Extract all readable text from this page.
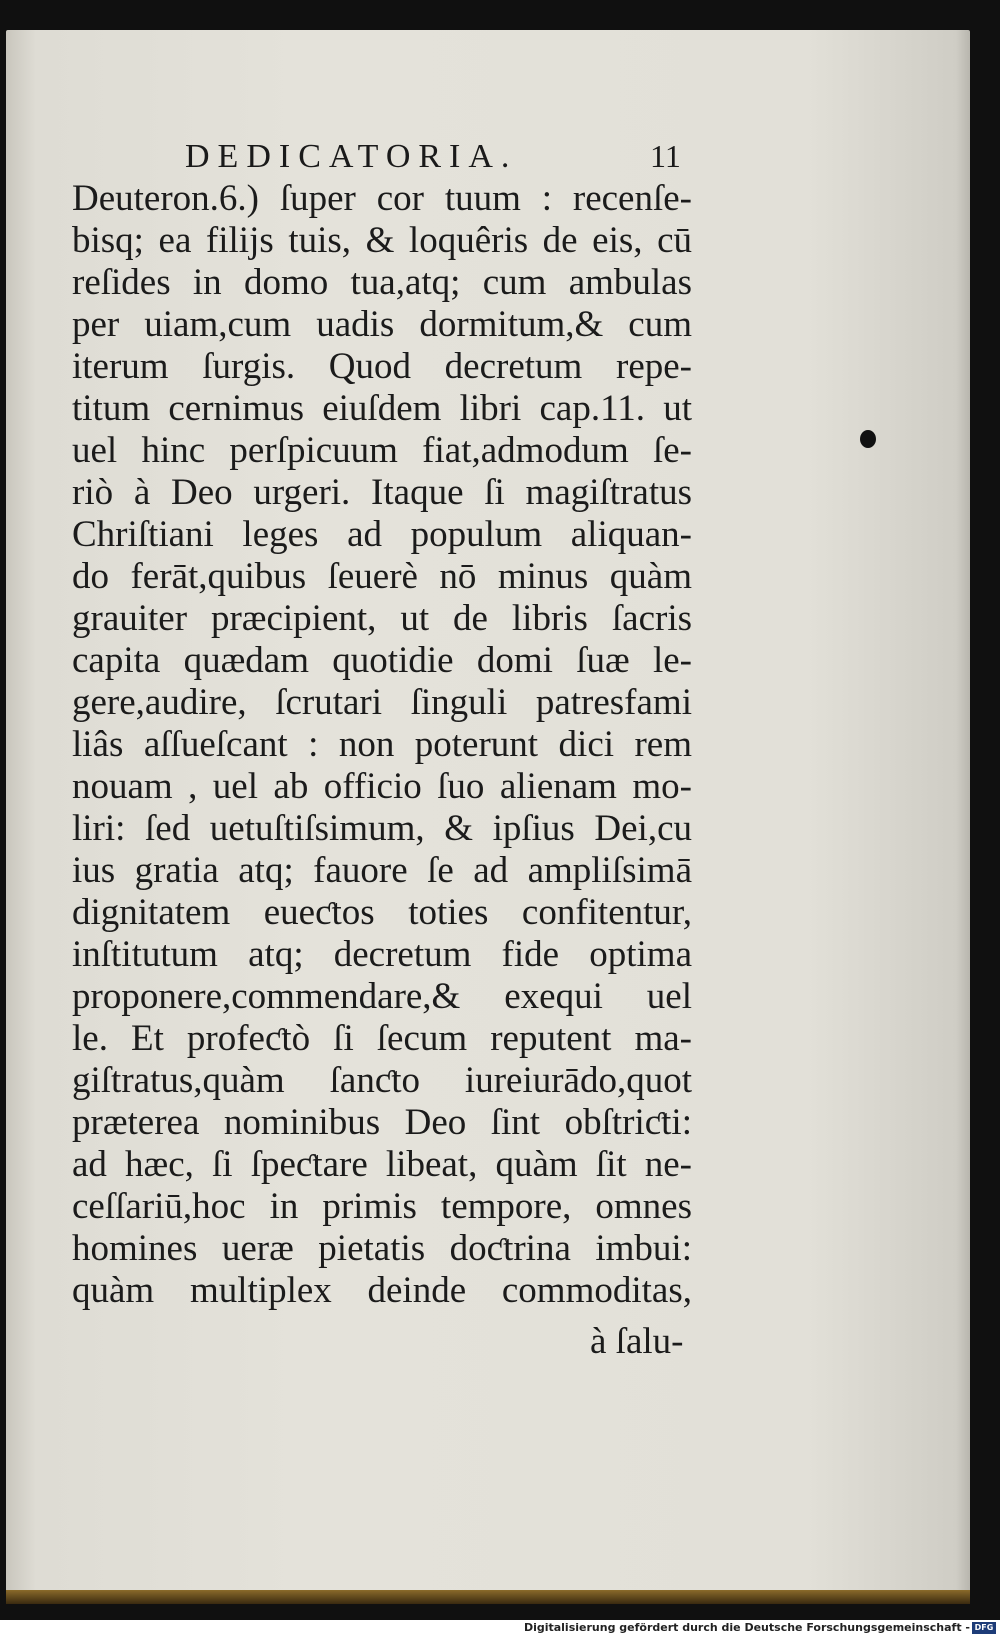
DEDICATORIA.	11
Deuteron.6.) ſuper cor tuum : recenſe-
bisq; ea filijs tuis, & loquêris de eis, cū
reſides in domo tua,atq; cum ambulas
per uiam,cum uadis dormitum,& cum
iterum ſurgis. Quod decretum repe-
titum cernimus eiuſdem libri cap.11. ut
uel hinc perſpicuum fiat,admodum ſe-
riò à Deo urgeri. Itaque ſi magiſtratus
Chriſtiani leges ad populum aliquan-
do ferāt,quibus ſeuerè nō minus quàm
grauiter præcipient, ut de libris ſacris
capita quædam quotidie domi ſuæ le-
gere,audire, ſcrutari ſinguli patresfami
liâs aſſueſcant : non poterunt dici rem
nouam , uel ab officio ſuo alienam mo-
liri: ſed uetuſtiſsimum, & ipſius Dei,cu
ius gratia atq; fauore ſe ad ampliſsimā
dignitatem eueƈtos toties confitentur,
inſtitutum atq; decretum fide optima
proponere,commendare,& exequi uel
le. Et profeƈtò ſi ſecum reputent ma-
giſtratus,quàm ſanƈto iureiurādo,quot
præterea nominibus Deo ſint obſtriƈti:
ad hæc, ſi ſpeƈtare libeat, quàm ſit ne-
ceſſariū,hoc in primis tempore, omnes
homines ueræ pietatis doƈtrina imbui:
quàm multiplex deinde commoditas,
à ſalu-
Digitalisierung gefördert durch die Deutsche Forschungsgemeinschaft - DFG
